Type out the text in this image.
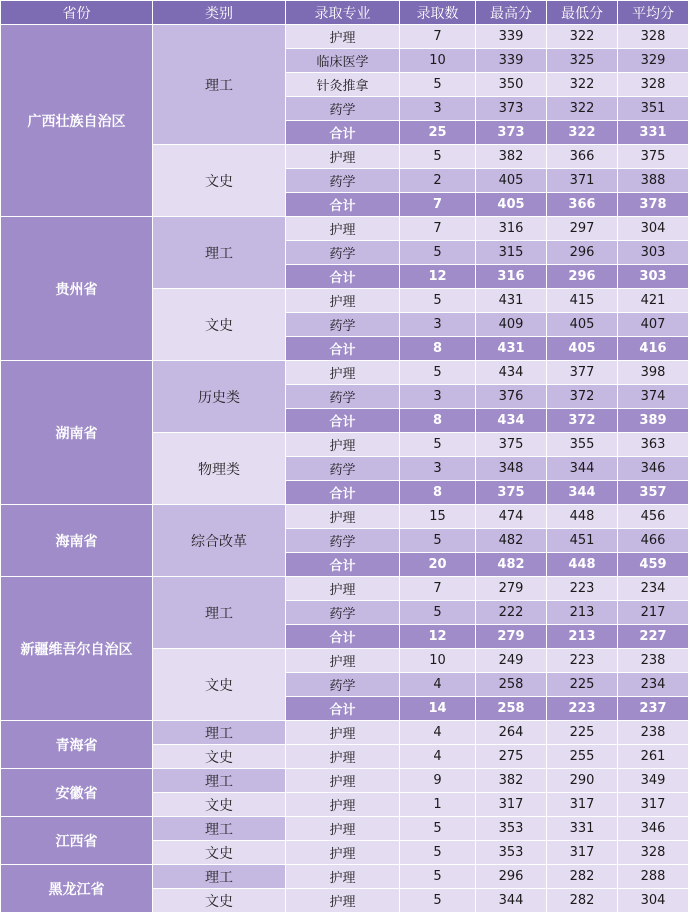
省份	类别	录取专业	录取数	最高分	最低分	平均分
广西壮族自治区	理工	护理	7	339	322	328
		临床医学	10	339	325	329
		针灸推拿	5	350	322	328
		药学	3	373	322	351
		合计	25	373	322	331
	文史	护理	5	382	366	375
		药学	2	405	371	388
		合计	7	405	366	378
贵州省	理工	护理	7	316	297	304
		药学	5	315	296	303
		合计	12	316	296	303
	文史	护理	5	431	415	421
		药学	3	409	405	407
		合计	8	431	405	416
湖南省	历史类	护理	5	434	377	398
		药学	3	376	372	374
		合计	8	434	372	389
	物理类	护理	5	375	355	363
		药学	3	348	344	346
		合计	8	375	344	357
海南省	综合改革	护理	15	474	448	456
		药学	5	482	451	466
		合计	20	482	448	459
新疆维吾尔自治区	理工	护理	7	279	223	234
		药学	5	222	213	217
		合计	12	279	213	227
	文史	护理	10	249	223	238
		药学	4	258	225	234
		合计	14	258	223	237
青海省	理工	护理	4	264	225	238
	文史	护理	4	275	255	261
安徽省	理工	护理	9	382	290	349
	文史	护理	1	317	317	317
江西省	理工	护理	5	353	331	346
	文史	护理	5	353	317	328
黑龙江省	理工	护理	5	296	282	288
	文史	护理	5	344	282	304
